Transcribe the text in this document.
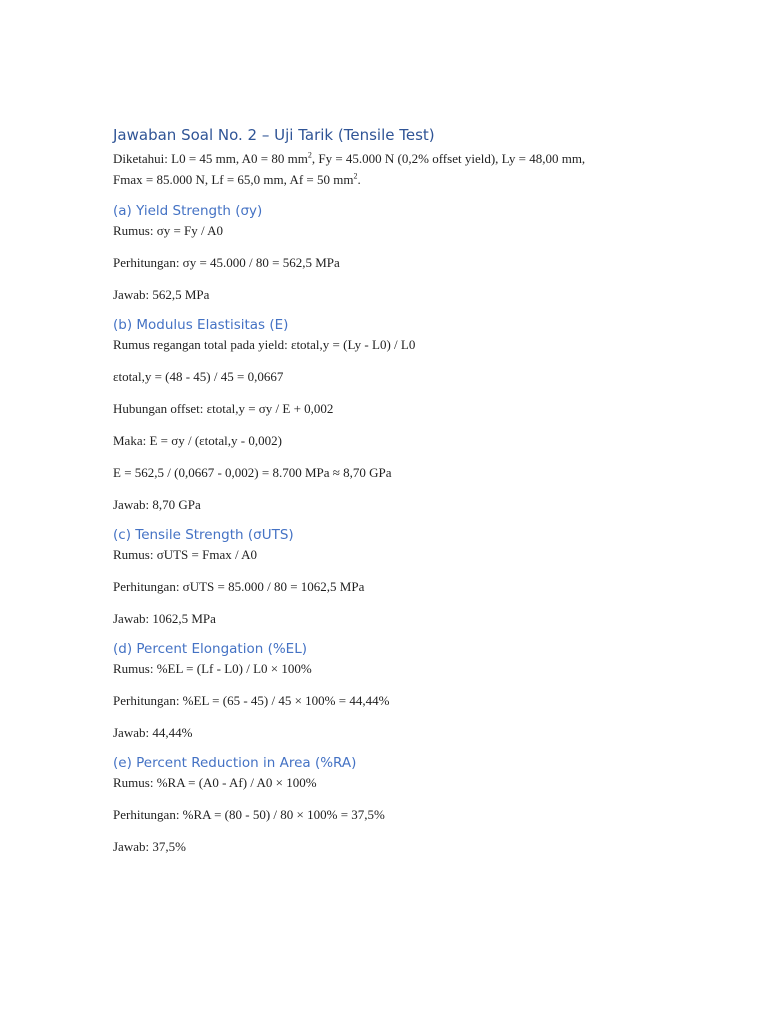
Jawaban Soal No. 2 – Uji Tarik (Tensile Test)
Diketahui: L0 = 45 mm, A0 = 80 $mm^2$, Fy = 45.000 N (0,2% offset yield), Ly = 48,00 mm,
Fmax = 85.000 N, Lf = 65,0 mm, Af = 50 $mm^2$.
(a) Yield Strength (σy)

Rumus: σy = Fy / A0

Perhitungan: σy = 45.000 / 80 = 562,5 MPa

Jawab: 562,5 MPa

(b) Modulus Elastisitas (E)

Rumus regangan total pada yield: εtotal,y = (Ly - L0) / L0

εtotal,y = (48 - 45) / 45 = 0,0667

Hubungan offset: εtotal,y = σy / E + 0,002

Maka: E = σy / (εtotal,y - 0,002)

E = 562,5 / (0,0667 - 0,002) = 8.700 MPa ≈ 8,70 GPa

Jawab: 8,70 GPa

(c) Tensile Strength (σUTS)

Rumus: σUTS = Fmax / A0

Perhitungan: σUTS = 85.000 / 80 = 1062,5 MPa

Jawab: 1062,5 MPa

(d) Percent Elongation (%EL)

Rumus: %EL = (Lf - L0) / L0 × 100%

Perhitungan: %EL = (65 - 45) / 45 × 100% = 44,44%

Jawab: 44,44%

(e) Percent Reduction in Area (%RA)

Rumus: %RA = (A0 - Af) / A0 × 100%

Perhitungan: %RA = (80 - 50) / 80 × 100% = 37,5%

Jawab: 37,5%
